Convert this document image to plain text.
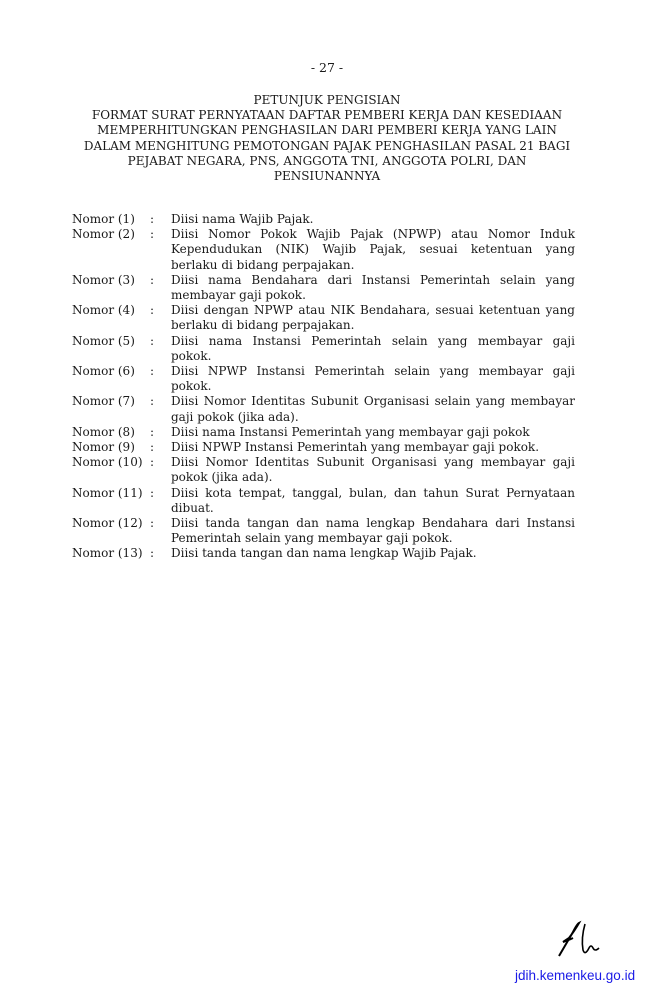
- 27 -
PETUNJUK PENGISIAN
FORMAT SURAT PERNYATAAN DAFTAR PEMBERI KERJA DAN KESEDIAAN
MEMPERHITUNGKAN PENGHASILAN DARI PEMBERI KERJA YANG LAIN
DALAM MENGHITUNG PEMOTONGAN PAJAK PENGHASILAN PASAL 21 BAGI
PEJABAT NEGARA, PNS, ANGGOTA TNI, ANGGOTA POLRI, DAN
PENSIUNANNYA
Nomor (1)	:	Diisi nama Wajib Pajak.
Nomor (2)	:	Diisi Nomor Pokok Wajib Pajak (NPWP) atau Nomor Induk
Kependudukan (NIK) Wajib Pajak, sesuai ketentuan yang
berlaku di bidang perpajakan.
Nomor (3)	:	Diisi nama Bendahara dari Instansi Pemerintah selain yang
membayar gaji pokok.
Nomor (4)	:	Diisi dengan NPWP atau NIK Bendahara, sesuai ketentuan yang
berlaku di bidang perpajakan.
Nomor (5)	:	Diisi nama Instansi Pemerintah selain yang membayar gaji
pokok.
Nomor (6)	:	Diisi NPWP Instansi Pemerintah selain yang membayar gaji
pokok.
Nomor (7)	:	Diisi Nomor Identitas Subunit Organisasi selain yang membayar
gaji pokok (jika ada).
Nomor (8)	:	Diisi nama Instansi Pemerintah yang membayar gaji pokok
Nomor (9)	:	Diisi NPWP Instansi Pemerintah yang membayar gaji pokok.
Nomor (10) :	Diisi Nomor Identitas Subunit Organisasi yang membayar gaji
pokok (jika ada).
Nomor (11) :	Diisi kota tempat, tanggal, bulan, dan tahun Surat Pernyataan
dibuat.
Nomor (12) :	Diisi tanda tangan dan nama lengkap Bendahara dari Instansi
Pemerintah selain yang membayar gaji pokok.
Nomor (13) :	Diisi tanda tangan dan nama lengkap Wajib Pajak.
jdih.kemenkeu.go.id
